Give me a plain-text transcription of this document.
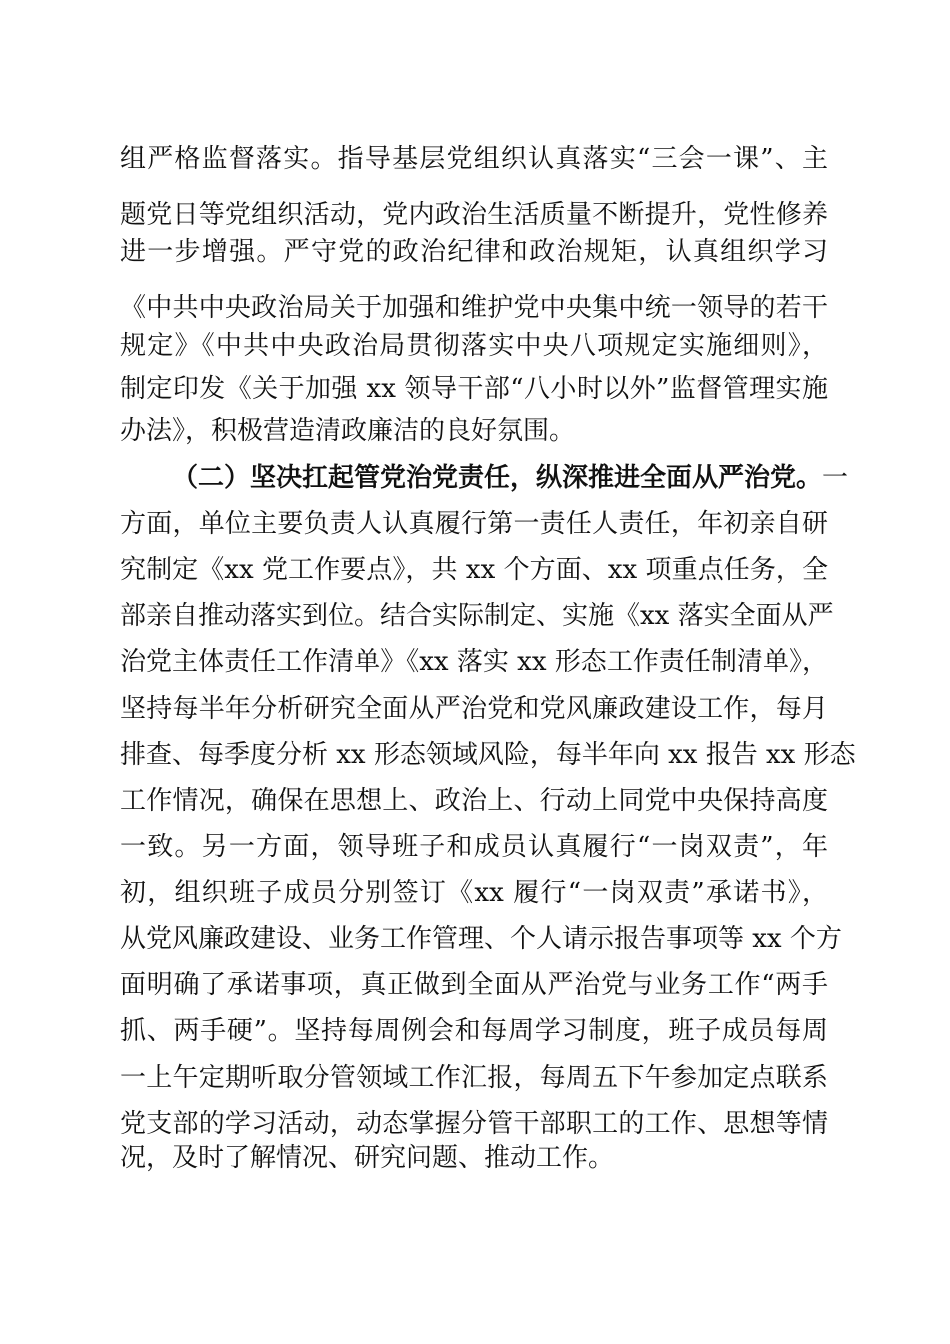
组严格监督落实。指导基层党组织认真落实“三会一课”、主
题党日等党组织活动，党内政治生活质量不断提升，党性修养
进一步增强。严守党的政治纪律和政治规矩，认真组织学习
《中共中央政治局关于加强和维护党中央集中统一领导的若干
规定》《中共中央政治局贯彻落实中央八项规定实施细则》，
制定印发《关于加强 xx 领导干部“八小时以外”监督管理实施
办法》，积极营造清政廉洁的良好氛围。
（二）坚决扛起管党治党责任，纵深推进全面从严治党。一
方面，单位主要负责人认真履行第一责任人责任，年初亲自研
究制定《xx 党工作要点》，共 xx 个方面、xx 项重点任务，全
部亲自推动落实到位。结合实际制定、实施《xx 落实全面从严
治党主体责任工作清单》《xx 落实 xx 形态工作责任制清单》，
坚持每半年分析研究全面从严治党和党风廉政建设工作，每月
排查、每季度分析 xx 形态领域风险，每半年向 xx 报告 xx 形态
工作情况，确保在思想上、政治上、行动上同党中央保持高度
一致。另一方面，领导班子和成员认真履行“一岗双责”，年
初，组织班子成员分别签订《xx 履行“一岗双责”承诺书》，
从党风廉政建设、业务工作管理、个人请示报告事项等 xx 个方
面明确了承诺事项，真正做到全面从严治党与业务工作“两手
抓、两手硬”。坚持每周例会和每周学习制度，班子成员每周
一上午定期听取分管领域工作汇报，每周五下午参加定点联系
党支部的学习活动，动态掌握分管干部职工的工作、思想等情
况，及时了解情况、研究问题、推动工作。
